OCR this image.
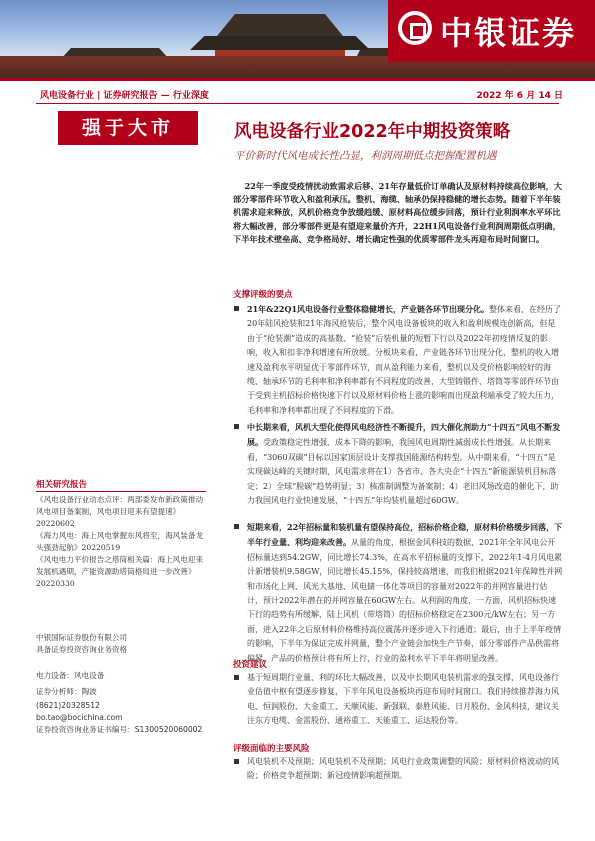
中银证券
风电设备行业 | 证券研究报告 — 行业深度	2022 年 6 月 14 日
强于大市	风电设备行业2022年中期投资策略
平价新时代风电成长性凸显，利润周期低点把握配置机遇
22年一季度受疫情扰动致需求后移、21年存量低价订单确认及原材料持续高位影响，大部分零部件环节收入和盈利承压。整机、海缆、轴承仍保持稳健的增长态势。随着下半年装机需求迎来释放，风机价格竞争放缓趋缓、原材料高位缓步回落，预计行业利润率水平环比将大幅改善，部分零部件更是有望迎来量价齐升，22H1风电设备行业利润周期低点明确，下半年技术壁垒高、竞争格局好、增长确定性强的优质零部件龙头再迎布局时间窗口。
支撑评级的要点
21年&22Q1风电设备行业整体稳健增长，产业链各环节出现分化。整体来看，在经历了20年陆风抢装和21年海风抢装后，整个风电设备板块的收入和盈利规模连创新高，但是由于“抢装潮”造成的高基数、“抢装”后装机量的短暂下行以及2022年初疫情反复的影响，收入和扣非净利增速有所放缓。分板块来看，产业链各环节出现分化，整机的收入增速及盈利水平明显优于零部件环节，而从盈利能力来看，整机以及受价格影响较好的海缆、轴承环节的毛利率和净利率都有不同程度的改善，大型铸锻件、塔筒等零部件环节由于受到主机招标价格快速下行以及原材料价格上涨的影响而出现盈利端承受了较大压力，毛利率和净利率都出现了不同程度的下滑。
中长期来看，风机大型化使得风电经济性不断提升，四大催化剂助力“十四五”风电不断发展。受政策稳定性增强、成本下降的影响，我国风电周期性减弱成长性增强。从长期来看，“3060双碳”目标以国家顶层设计支撑我国能源结构转型。从中期来看，“十四五”是实现碳达峰的关键时期，风电需求将在1）各省市、各大央企“十四五”新能源装机目标落定；2）全球“脱碳”趋势明显；3）核准制调整为备案制；4）老旧风场改造的催化下，助力我国风电行业快速发展，“十四五”年均装机量超过60GW。
短期来看，22年招标量和装机量有望保持高位，招标价格企稳，原材料价格缓步回落，下半年行业量、利均迎来改善。从量的角度，根据金风科技的数据，2021年全年风电公开招标量达到54.2GW，同比增长74.3%，在高水平招标量的支撑下，2022年1-4月风电累计新增装机9.58GW，同比增长45.15%，保持较高增速，而我们根据2021年保障性并网和市场化上网、风光大基地、风电储一体化等项目的容量对2022年的并网容量进行估计，预计2022年潜在的并网容量在60GW左右。从利润的角度，一方面，风机招标快速下行的趋势有所缓解，陆上风机（带塔筒）的招标价格稳定在2300元/kW左右；另一方面，进入22年之后原材料价格维持高位震荡并逐步进入下行通道；最后，由于上半年疫情的影响，下半年为保证完成并网量，整个产业链会加快生产节奏，部分零部件产品供需将偏紧，产品的价格预计将有所上行，行业的盈利水平下半年将明显改善。
投资建议
基于短周期行业量、利的环比大幅改善，以及中长期风电装机需求的强支撑，风电设备行业估值中枢有望逐步修复，下半年风电设备板块再迎布局时间窗口。我们持续推荐海力风电、恒润股份、大金重工、天顺风能、新强联、泰胜风能、日月股份、金风科技，建议关注东方电缆、金雷股份、通裕重工、天能重工、运达股份等。
评级面临的主要风险
风电装机不及预期；风电装机不及预期；风电行业政策调整的风险；原材料价格波动的风险；价格竞争超预期；新冠疫情影响超预期。
相关研究报告
《风电设备行业动态点评：两部委发布新政策推动风电项目备案制，风电项目迎来有望提速》20220602
《海力风电：海上风电掌握东风将至，海风装备龙头强劲起航》20220519
《风电电力平价报告之塔筒相关篇：海上风电迎来发展机遇期，产能资源助塔筒格局进一步改善》20220330
中银国际证券股份有限公司
具备证券投资咨询业务资格
电力设备：风电设备
证券分析师：陶波
(8621)20328512
bo.tao@bocichina.com
证券投资咨询业务证书编号：S1300520060002
